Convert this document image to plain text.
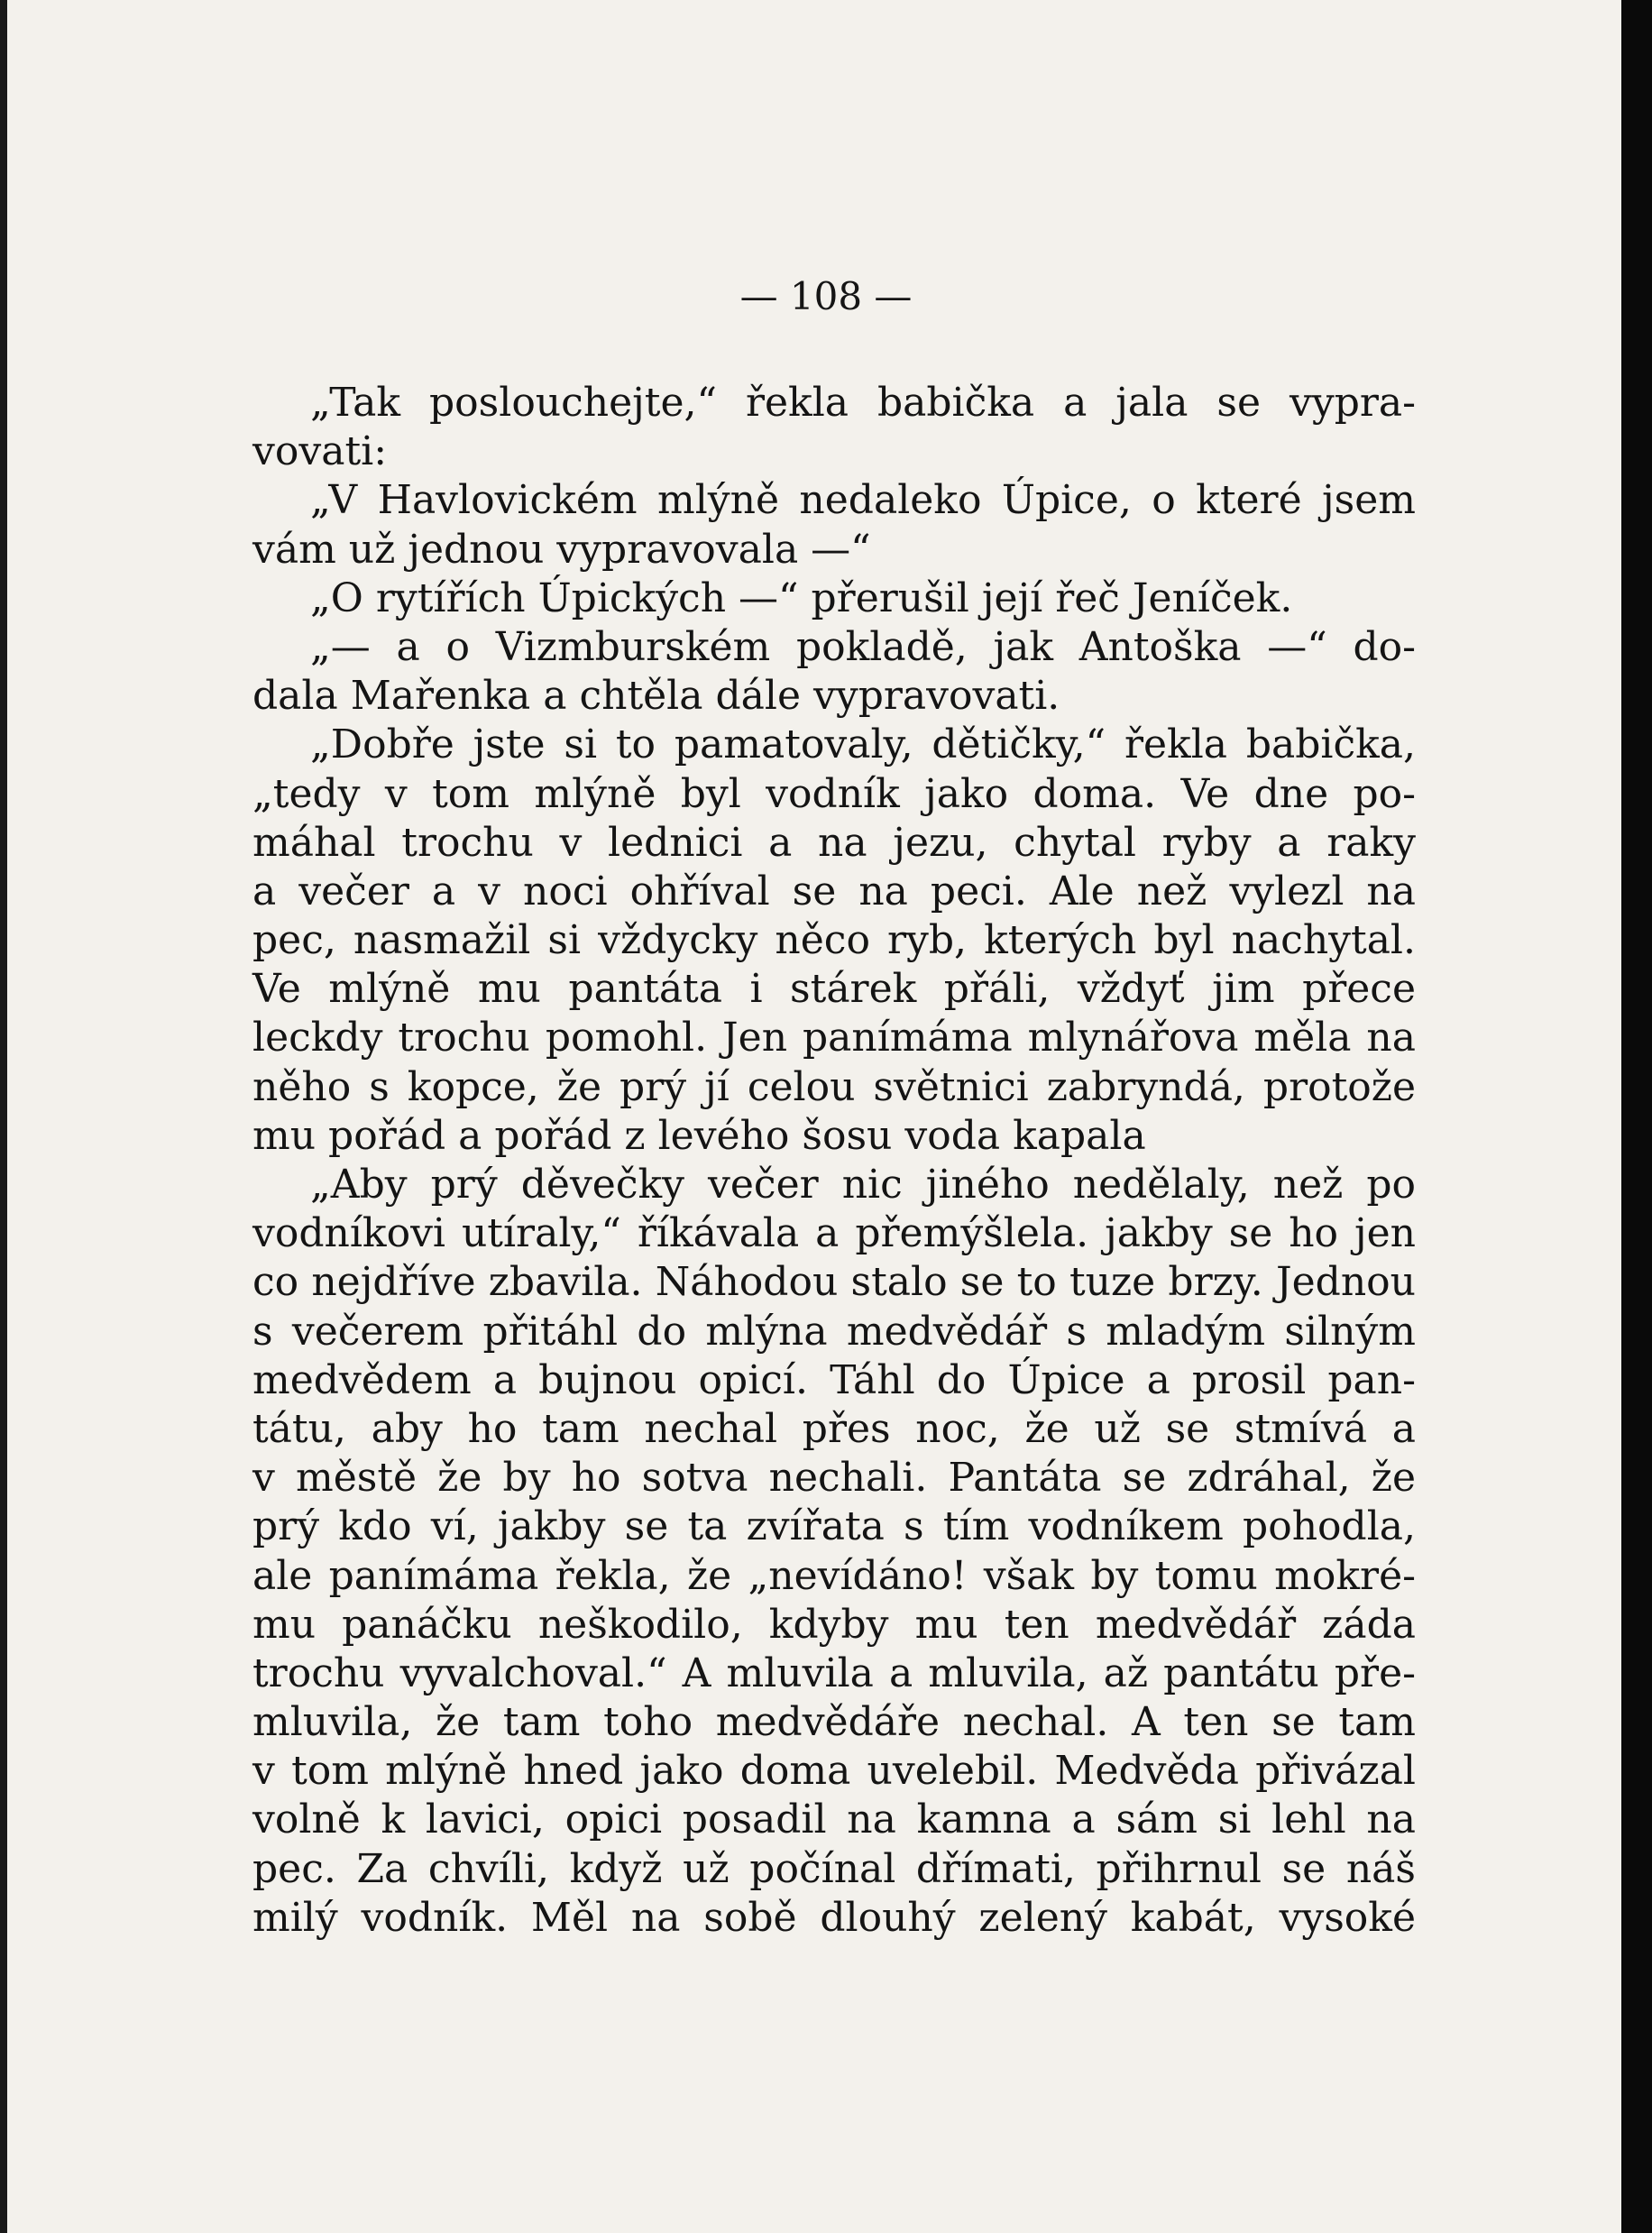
— 108 —
„Tak poslouchejte,“ řekla babička a jala se vypra-
vovati:
„V Havlovickém mlýně nedaleko Úpice, o které jsem
vám už jednou vypravovala —“
„O rytířích Úpických —“ přerušil její řeč Jeníček.
„— a o Vizmburském pokladě, jak Antoška —“ do-
dala Mařenka a chtěla dále vypravovati.
„Dobře jste si to pamatovaly, dětičky,“ řekla babička,
„tedy v tom mlýně byl vodník jako doma. Ve dne po-
máhal trochu v lednici a na jezu, chytal ryby a raky
a večer a v noci ohříval se na peci. Ale než vylezl na
pec, nasmažil si vždycky něco ryb, kterých byl nachytal.
Ve mlýně mu pantáta i stárek přáli, vždyť jim přece
leckdy trochu pomohl. Jen panímáma mlynářova měla na
něho s kopce, že prý jí celou světnici zabryndá, protože
mu pořád a pořád z levého šosu voda kapala
„Aby prý děvečky večer nic jiného nedělaly, než po
vodníkovi utíraly,“ říkávala a přemýšlela. jakby se ho jen
co nejdříve zbavila. Náhodou stalo se to tuze brzy. Jednou
s večerem přitáhl do mlýna medvědář s mladým silným
medvědem a bujnou opicí. Táhl do Úpice a prosil pan-
tátu, aby ho tam nechal přes noc, že už se stmívá a
v městě že by ho sotva nechali. Pantáta se zdráhal, že
prý kdo ví, jakby se ta zvířata s tím vodníkem pohodla,
ale panímáma řekla, že „nevídáno! však by tomu mokré-
mu panáčku neškodilo, kdyby mu ten medvědář záda
trochu vyvalchoval.“ A mluvila a mluvila, až pantátu pře-
mluvila, že tam toho medvědáře nechal. A ten se tam
v tom mlýně hned jako doma uvelebil. Medvěda přivázal
volně k lavici, opici posadil na kamna a sám si lehl na
pec. Za chvíli, když už počínal dřímati, přihrnul se náš
milý vodník. Měl na sobě dlouhý zelený kabát, vysoké
